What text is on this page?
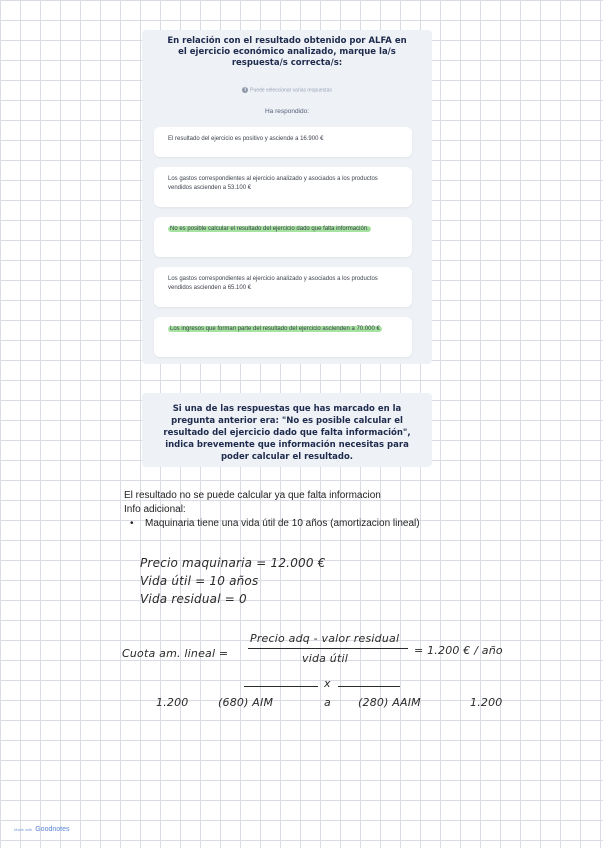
En relación con el resultado obtenido por ALFA en el ejercicio económico analizado, marque la/s respuesta/s correcta/s:
i Puede seleccionar varias respuestas
Ha respondido:
El resultado del ejercicio es positivo y asciende a 16.900 €
Los gastos correspondientes al ejercicio analizado y asociados a los productos vendidos ascienden a 53.100 €
No es posible calcular el resultado del ejercicio dado que falta información.
Los gastos correspondientes al ejercicio analizado y asociados a los productos vendidos ascienden a 65.100 €
Los ingresos que forman parte del resultado del ejercicio ascienden a 70.000 €
Si una de las respuestas que has marcado en la pregunta anterior era: "No es posible calcular el resultado del ejercicio dado que falta información", indica brevemente que información necesitas para poder calcular el resultado.
El resultado no se puede calcular ya que falta informacion
Info adicional:
• Maquinaria tiene una vida útil de 10 años (amortizacion lineal)
Precio maquinaria = 12.000 €
Vida útil = 10 años
Vida residual = 0
Cuota am. lineal =
Precio adq - valor residual
vida útil
= 1.200 € / año
x
1.200	(680) AIM	a (280) AAIM	1.200
Made with Goodnotes
